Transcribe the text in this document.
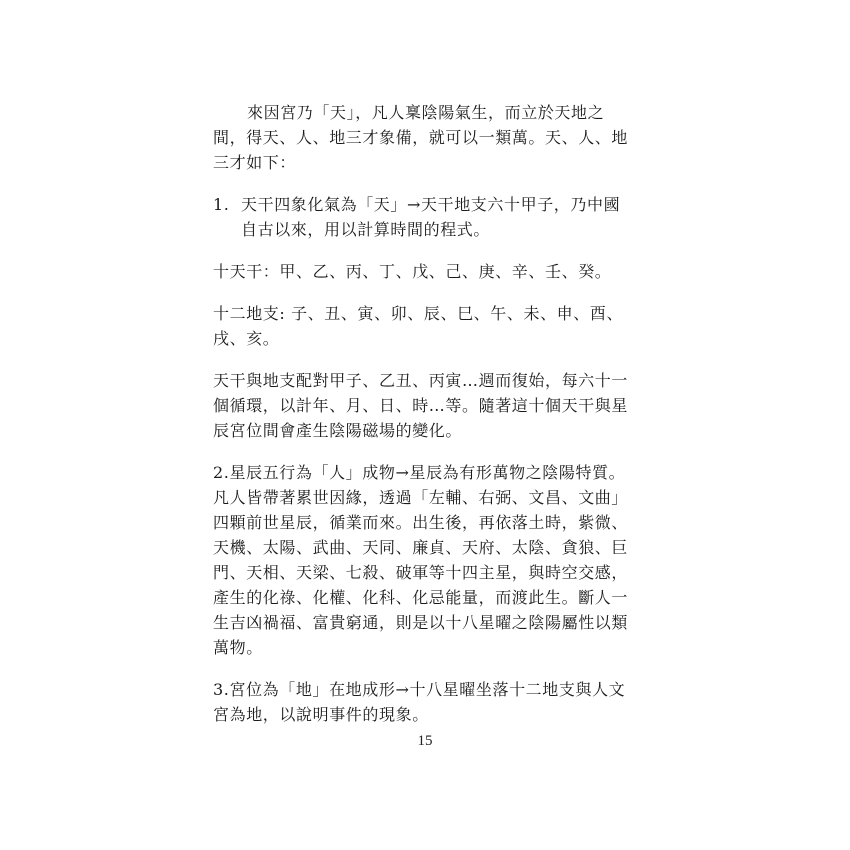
來因宮乃「天」，凡人稟陰陽氣生，而立於天地之間，得天、人、地三才象備，就可以一類萬。天、人、地三才如下：

1. 天干四象化氣為「天」→天干地支六十甲子，乃中國自古以來，用以計算時間的程式。

十天干：甲、乙、丙、丁、戊、己、庚、辛、壬、癸。

十二地支: 子、丑、寅、卯、辰、巳、午、未、申、酉、戌、亥。

天干與地支配對甲子、乙丑、丙寅…週而復始，每六十一個循環，以計年、月、日、時…等。隨著這十個天干與星辰宮位間會產生陰陽磁場的變化。

2.星辰五行為「人」成物→星辰為有形萬物之陰陽特質。凡人皆帶著累世因緣，透過「左輔、右弼、文昌、文曲」四顆前世星辰，循業而來。出生後，再依落土時，紫微、天機、太陽、武曲、天同、廉貞、天府、太陰、貪狼、巨門、天相、天梁、七殺、破軍等十四主星，與時空交感，產生的化祿、化權、化科、化忌能量，而渡此生。斷人一生吉凶禍福、富貴窮通，則是以十八星曜之陰陽屬性以類萬物。

3.宮位為「地」在地成形→十八星曜坐落十二地支與人文宮為地，以說明事件的現象。

15
